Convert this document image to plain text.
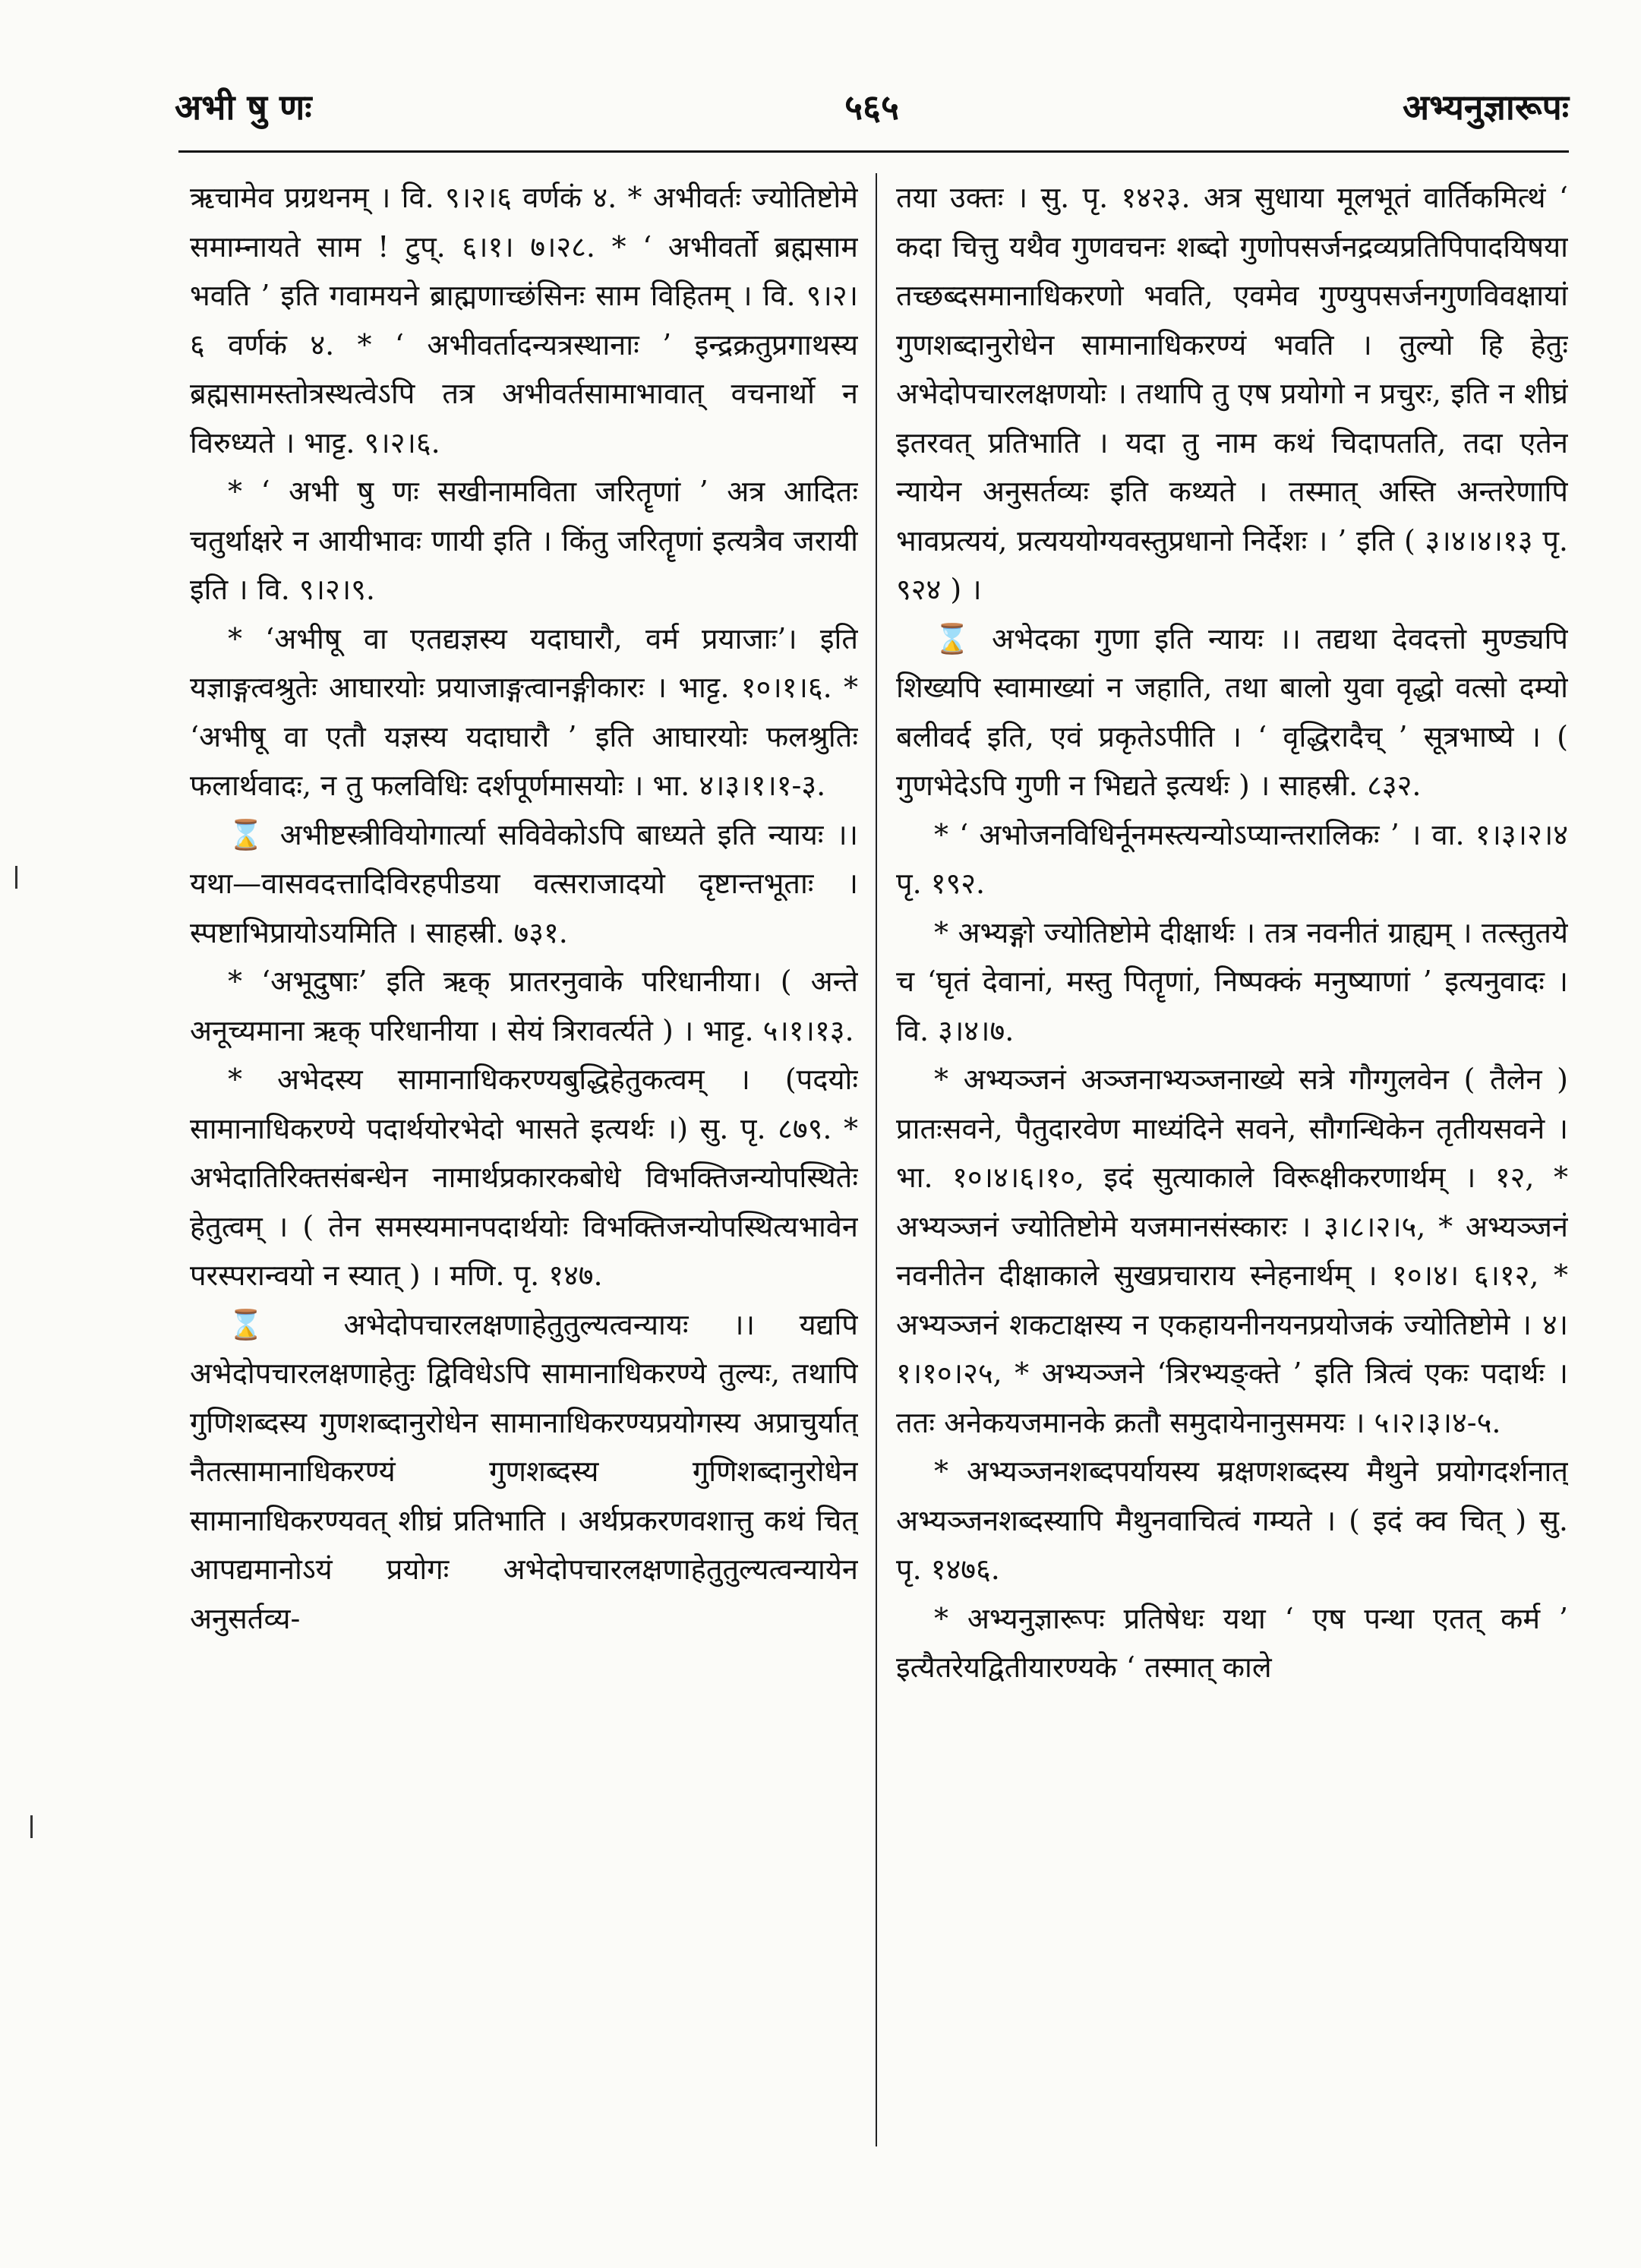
अभी षु णः	५६५	अभ्यनुज्ञारूपः

ऋचामेव प्रग्रथनम् । वि. ९।२।६ वर्णकं ४. * अभीवर्तः ज्योतिष्टोमे समाम्नायते साम ! टुप्. ६।१। ७।२८. * ‘ अभीवर्तो ब्रह्मसाम भवति ’ इति गवामयने ब्राह्मणाच्छंसिनः साम विहितम् । वि. ९।२।६ वर्णकं ४. * ‘ अभीवर्तादन्यत्रस्थानाः ’ इन्द्रक्रतुप्रगाथस्य ब्रह्मसामस्तोत्रस्थत्वेऽपि तत्र अभीवर्तसामाभावात् वचनार्थो न विरुध्यते । भाट्ट. ९।२।६.

* ‘ अभी षु णः सखीनामविता जरितॄणां ’ अत्र आदितः चतुर्थाक्षरे न आयीभावः णायी इति । किंतु जरितॄणां इत्यत्रैव जरायी इति । वि. ९।२।९.

* ‘अभीषू वा एतद्यज्ञस्य यदाघारौ, वर्म प्रयाजाः’। इति यज्ञाङ्गत्वश्रुतेः आघारयोः प्रयाजाङ्गत्वानङ्गीकारः । भाट्ट. १०।१।६. * ‘अभीषू वा एतौ यज्ञस्य यदाघारौ ’ इति आघारयोः फलश्रुतिः फलार्थवादः, न तु फलविधिः दर्शपूर्णमासयोः । भा. ४।३।१।१-३.

⌛ अभीष्टस्त्रीवियोगार्त्या सविवेकोऽपि बाध्यते इति न्यायः ।। यथा—वासवदत्तादिविरहपीडया वत्सराजादयो दृष्टान्तभूताः । स्पष्टाभिप्रायोऽयमिति । साहस्री. ७३१.

* ‘अभूदुषाः’ इति ऋक् प्रातरनुवाके परिधानीया। ( अन्ते अनूच्यमाना ऋक् परिधानीया । सेयं त्रिरावर्त्यते ) । भाट्ट. ५।१।१३.

* अभेदस्य सामानाधिकरण्यबुद्धिहेतुकत्वम् । (पदयोः सामानाधिकरण्ये पदार्थयोरभेदो भासते इत्यर्थः ।) सु. पृ. ८७९. * अभेदातिरिक्तसंबन्धेन नामार्थप्रकारकबोधे विभक्तिजन्योपस्थितेः हेतुत्वम् । ( तेन समस्यमानपदार्थयोः विभक्तिजन्योपस्थित्यभावेन परस्परान्वयो न स्यात् ) । मणि. पृ. १४७.

⌛ अभेदोपचारलक्षणाहेतुतुल्यत्वन्यायः ।। यद्यपि अभेदोपचारलक्षणाहेतुः द्विविधेऽपि सामानाधिकरण्ये तुल्यः, तथापि गुणिशब्दस्य गुणशब्दानुरोधेन सामानाधिकरण्यप्रयोगस्य अप्राचुर्यात् नैतत्सामानाधिकरण्यं गुणशब्दस्य गुणिशब्दानुरोधेन सामानाधिकरण्यवत् शीघ्रं प्रतिभाति । अर्थप्रकरणवशात्तु कथं चित् आपद्यमानोऽयं प्रयोगः अभेदोपचारलक्षणाहेतुतुल्यत्वन्यायेन अनुसर्तव्य-

तया उक्तः । सु. पृ. १४२३. अत्र सुधाया मूलभूतं वार्तिकमित्थं ‘ कदा चित्तु यथैव गुणवचनः शब्दो गुणोपसर्जनद्रव्यप्रतिपिपादयिषया तच्छब्दसमानाधिकरणो भवति, एवमेव गुण्युपसर्जनगुणविवक्षायां गुणशब्दानुरोधेन सामानाधिकरण्यं भवति । तुल्यो हि हेतुः अभेदोपचारलक्षणयोः । तथापि तु एष प्रयोगो न प्रचुरः, इति न शीघ्रं इतरवत् प्रतिभाति । यदा तु नाम कथं चिदापतति, तदा एतेन न्यायेन अनुसर्तव्यः इति कथ्यते । तस्मात् अस्ति अन्तरेणापि भावप्रत्ययं, प्रत्यययोग्यवस्तुप्रधानो निर्देशः । ’ इति ( ३।४।४।१३ पृ. ९२४ ) ।

⌛ अभेदका गुणा इति न्यायः ।। तद्यथा देवदत्तो मुण्ड्यपि शिख्यपि स्वामाख्यां न जहाति, तथा बालो युवा वृद्धो वत्सो दम्यो बलीवर्द इति, एवं प्रकृतेऽपीति । ‘ वृद्धिरादैच् ’ सूत्रभाष्ये । ( गुणभेदेऽपि गुणी न भिद्यते इत्यर्थः ) । साहस्री. ८३२.

* ‘ अभोजनविधिर्नूनमस्त्यन्योऽप्यान्तरालिकः ’ । वा. १।३।२।४ पृ. १९२.

* अभ्यङ्गो ज्योतिष्टोमे दीक्षार्थः । तत्र नवनीतं ग्राह्यम् । तत्स्तुतये च ‘घृतं देवानां, मस्तु पितॄणां, निष्पक्कं मनुष्याणां ’ इत्यनुवादः । वि. ३।४।७.

* अभ्यञ्जनं अञ्जनाभ्यञ्जनाख्ये सत्रे गौग्गुलवेन ( तैलेन ) प्रातःसवने, पैतुदारवेण माध्यंदिने सवने, सौगन्धिकेन तृतीयसवने । भा. १०।४।६।१०, इदं सुत्याकाले विरूक्षीकरणार्थम् । १२, * अभ्यञ्जनं ज्योतिष्टोमे यजमानसंस्कारः । ३।८।२।५, * अभ्यञ्जनं नवनीतेन दीक्षाकाले सुखप्रचाराय स्नेहनार्थम् । १०।४। ६।१२, * अभ्यञ्जनं शकटाक्षस्य न एकहायनीनयनप्रयोजकं ज्योतिष्टोमे । ४।१।१०।२५, * अभ्यञ्जने ‘त्रिरभ्यङ्क्ते ’ इति त्रित्वं एकः पदार्थः । ततः अनेकयजमानके क्रतौ समुदायेनानुसमयः । ५।२।३।४-५.

* अभ्यञ्जनशब्दपर्यायस्य म्रक्षणशब्दस्य मैथुने प्रयोगदर्शनात् अभ्यञ्जनशब्दस्यापि मैथुनवाचित्वं गम्यते । ( इदं क्व चित् ) सु. पृ. १४७६.

* अभ्यनुज्ञारूपः प्रतिषेधः यथा ‘ एष पन्था एतत् कर्म ’ इत्यैतरेयद्वितीयारण्यके ‘ तस्मात् काले
